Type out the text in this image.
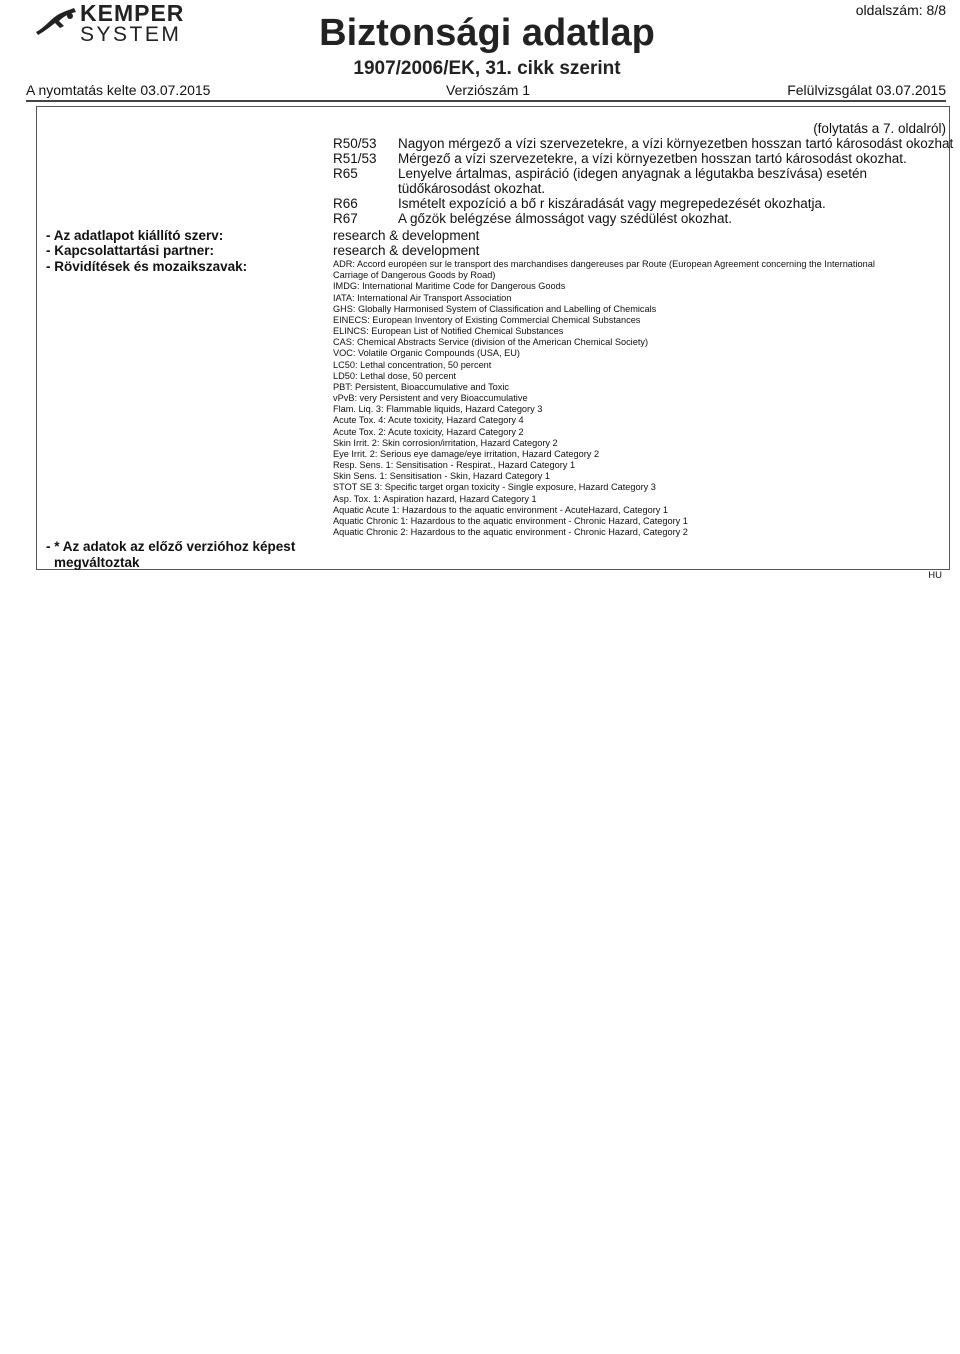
KEMPER
SYSTEM	Biztonsági adatlap
1907/2006/EK, 31. cikk szerint
oldalszám: 8/8
A nyomtatás kelte 03.07.2015	Verziószám 1	Felülvizsgálat 03.07.2015
(folytatás a 7. oldalról)
R50/53	Nagyon mérgező a vízi szervezetekre, a vízi környezetben hosszan tartó károsodást okozhat
R51/53	Mérgező a vízi szervezetekre, a vízi környezetben hosszan tartó károsodást okozhat.
R65	Lenyelve ártalmas, aspiráció (idegen anyagnak a légutakba beszívása) esetén
tüdőkárosodást okozhat.
R66	Ismételt expozíció a bő r kiszáradását vagy megrepedezését okozhatja.
R67	A gőzök belégzése álmosságot vagy szédülést okozhat.
- Az adatlapot kiállító szerv:	research & development
- Kapcsolattartási partner:	research & development
- Rövidítések és mozaikszavak:	ADR: Accord européen sur le transport des marchandises dangereuses par Route (European Agreement concerning the International
Carriage of Dangerous Goods by Road)
IMDG: International Maritime Code for Dangerous Goods
IATA: International Air Transport Association
GHS: Globally Harmonised System of Classification and Labelling of Chemicals
EINECS: European Inventory of Existing Commercial Chemical Substances
ELINCS: European List of Notified Chemical Substances
CAS: Chemical Abstracts Service (division of the American Chemical Society)
VOC: Volatile Organic Compounds (USA, EU)
LC50: Lethal concentration, 50 percent
LD50: Lethal dose, 50 percent
PBT: Persistent, Bioaccumulative and Toxic
vPvB: very Persistent and very Bioaccumulative
Flam. Liq. 3: Flammable liquids, Hazard Category 3
Acute Tox. 4: Acute toxicity, Hazard Category 4
Acute Tox. 2: Acute toxicity, Hazard Category 2
Skin Irrit. 2: Skin corrosion/irritation, Hazard Category 2
Eye Irrit. 2: Serious eye damage/eye irritation, Hazard Category 2
Resp. Sens. 1: Sensitisation - Respirat., Hazard Category 1
Skin Sens. 1: Sensitisation - Skin, Hazard Category 1
STOT SE 3: Specific target organ toxicity - Single exposure, Hazard Category 3
Asp. Tox. 1: Aspiration hazard, Hazard Category 1
Aquatic Acute 1: Hazardous to the aquatic environment - AcuteHazard, Category 1
Aquatic Chronic 1: Hazardous to the aquatic environment - Chronic Hazard, Category 1
Aquatic Chronic 2: Hazardous to the aquatic environment - Chronic Hazard, Category 2
- * Az adatok az előző verzióhoz képest
megváltoztak
HU
